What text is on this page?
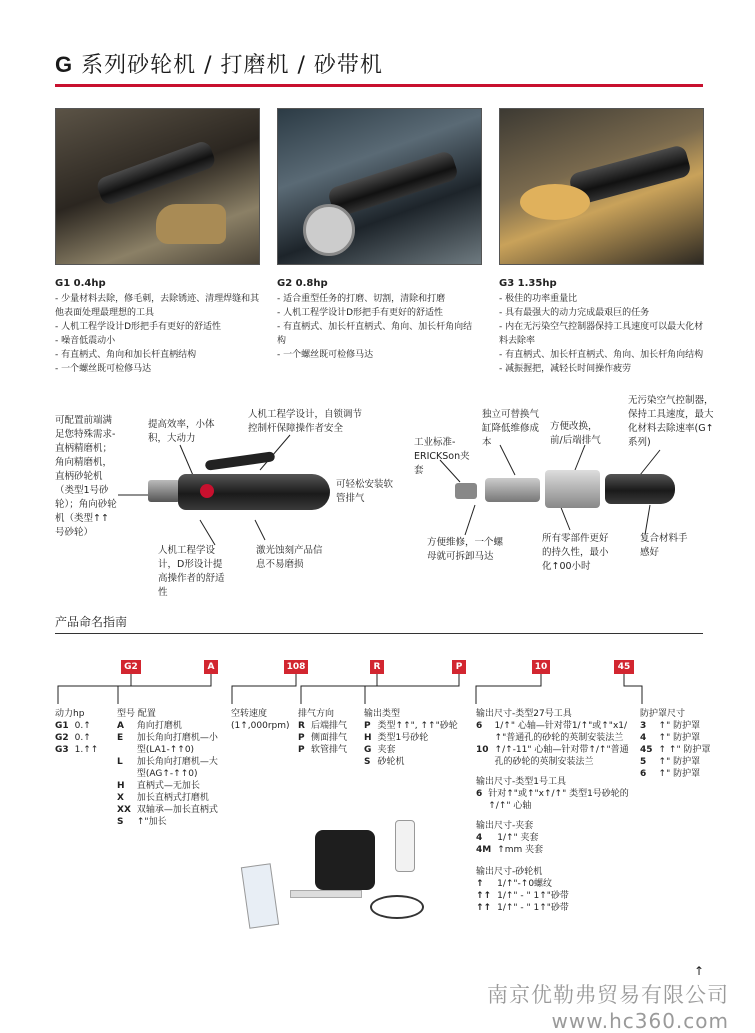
G 系列砂轮机 / 打磨机 / 砂带机
G1 0.4hp
- 少量材料去除，修毛刺，去除锈迹、清理焊缝和其他表面处理最理想的工具
- 人机工程学设计D形把手有更好的舒适性
- 噪音低震动小
- 有直柄式、角向和加长杆直柄结构
- 一个螺丝既可检修马达
G2 0.8hp
- 适合重型任务的打磨、切割，清除和打磨
- 人机工程学设计D形把手有更好的舒适性
- 有直柄式、加长杆直柄式、角向、加长杆角向结构
- 一个螺丝既可检修马达
G3 1.35hp
- 极佳的功率重量比
- 具有最强大的动力完成最艰巨的任务
- 内在无污染空气控制器保持工具速度可以最大化材料去除率
- 有直柄式、加长杆直柄式、角向、加长杆角向结构
- 减振握把，减轻长时间操作疲劳
可配置前端满足您特殊需求-直柄精磨机；角向精磨机，直柄砂轮机（类型1号砂轮）；角向砂轮机（类型↑↑号砂轮）
提高效率，小体积，大动力
人机工程学设计，自锁调节控制杆保障操作者安全
可轻松安装软管排气
人机工程学设计，D形设计提高操作者的舒适性
激光蚀刻产品信息不易磨损
工业标准-ERICKSon夹套
独立可替换气缸降低维修成本
方便改换，前/后端排气
无污染空气控制器，保持工具速度，最大化材料去除速率(G↑系列)
方便维修，一个螺母就可拆卸马达
所有零部件更好的持久性，最小化↑00小时
复合材料手感好
产品命名指南
G2	A	108	R	P	10	45
动力hp
G1	0.↑
G2	0.↑
G3	1.↑↑
型号 配置
A	角向打磨机
E	加长角向打磨机—小型(LA1-↑↑0)
L	加长角向打磨机—大型(AG↑-↑↑0)
H	直柄式—无加长
X	加长直柄式打磨机
XX	双轴承—加长直柄式
S	↑"加长
空转速度
(1↑,000rpm)
排气方向
R	后端排气
P	侧面排气
P	软管排气
输出类型
P	类型↑↑", ↑↑"砂轮
H	类型1号砂轮
G	夹套
S	砂轮机
输出尺寸-类型27号工具
6	1/↑" 心轴—针对带1/↑"或↑"x1/↑"普通孔的砂轮的英制安装法兰
10	↑/↑-11" 心轴—针对带↑/↑"普通孔的砂轮的英制安装法兰
输出尺寸-类型1号工具
6	针对↑"或↑"x↑/↑" 类型1号砂轮的↑/↑" 心轴
输出尺寸-夹套
4	1/↑" 夹套
4M	↑mm 夹套
输出尺寸-砂轮机
↑	1/↑"-↑0螺纹
↑↑	1/↑" - " 1↑"砂带
↑↑	1/↑" - " 1↑"砂带
防护罩尺寸
3	↑" 防护罩
4	↑" 防护罩
45	↑ ↑" 防护罩
5	↑" 防护罩
6	↑" 防护罩
↑
南京优勒弗贸易有限公司
www.hc360.com
